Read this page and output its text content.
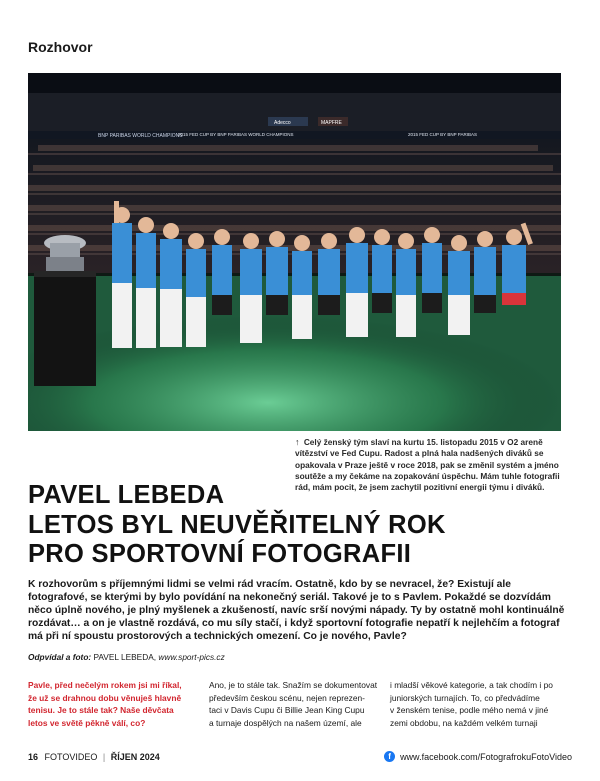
Rozhovor
BNP PARIBAS WORLD CHAMPIONS
2015 FED CUP BY BNP PARIBAS WORLD CHAMPIONS	2015 FED CUP BY BNP PARIBAS
Adecco	MAPFRE
↑ Celý ženský tým slaví na kurtu 15. listopadu 2015 v O2 areně vítězství ve Fed Cupu. Radost a plná hala nadšených diváků se opakovala v Praze ještě v roce 2018, pak se změnil systém a jméno soutěže a my čekáme na zopakování úspěchu. Mám tuhle fotografii rád, mám pocit, že jsem zachytil pozitivní energii týmu i diváků.
PAVEL LEBEDA
LETOS BYL NEUVĚŘITELNÝ ROK
PRO SPORTOVNÍ FOTOGRAFII
K rozhovorům s příjemnými lidmi se velmi rád vracím. Ostatně, kdo by se nevracel, že? Existují ale fotografové, se kterými by bylo povídání na nekonečný seriál. Takové je to s Pavlem. Pokaždé se dozvídám něco úplně nového, je plný myšlenek a zkušeností, navíc srší novými nápady. Ty by ostatně mohl kontinuálně rozdávat… a on je vlastně rozdává, co mu síly stačí, i když sportovní fotografie nepatří k nejlehčím a fotograf má při ní spoustu prostorových a technických omezení. Co je nového, Pavle?
Odpvídal a foto: PAVEL LEBEDA, www.sport-pics.cz

Pavle, před nečelým rokem jsi mi říkal,

že už se drahnou dobu věnuješ hlavně

tenisu. Je to stále tak? Naše děvčata

letos ve světě pěkně válí, co?

Ano, je to stále tak. Snažím se dokumentovat

především českou scénu, nejen reprezen-

taci v Davis Cupu či Billie Jean King Cupu

a turnaje dospělých na našem území, ale

i mladší věkové kategorie, a tak chodím i po

juniorských turnajích. To, co předvádíme

v ženském tenise, podle mého nemá v jiné

zemi obdobu, na každém velkém turnaji

16 FOTOVIDEO | ŘÍJEN 2024	f	www.facebook.com/FotografrokuFotoVideo
